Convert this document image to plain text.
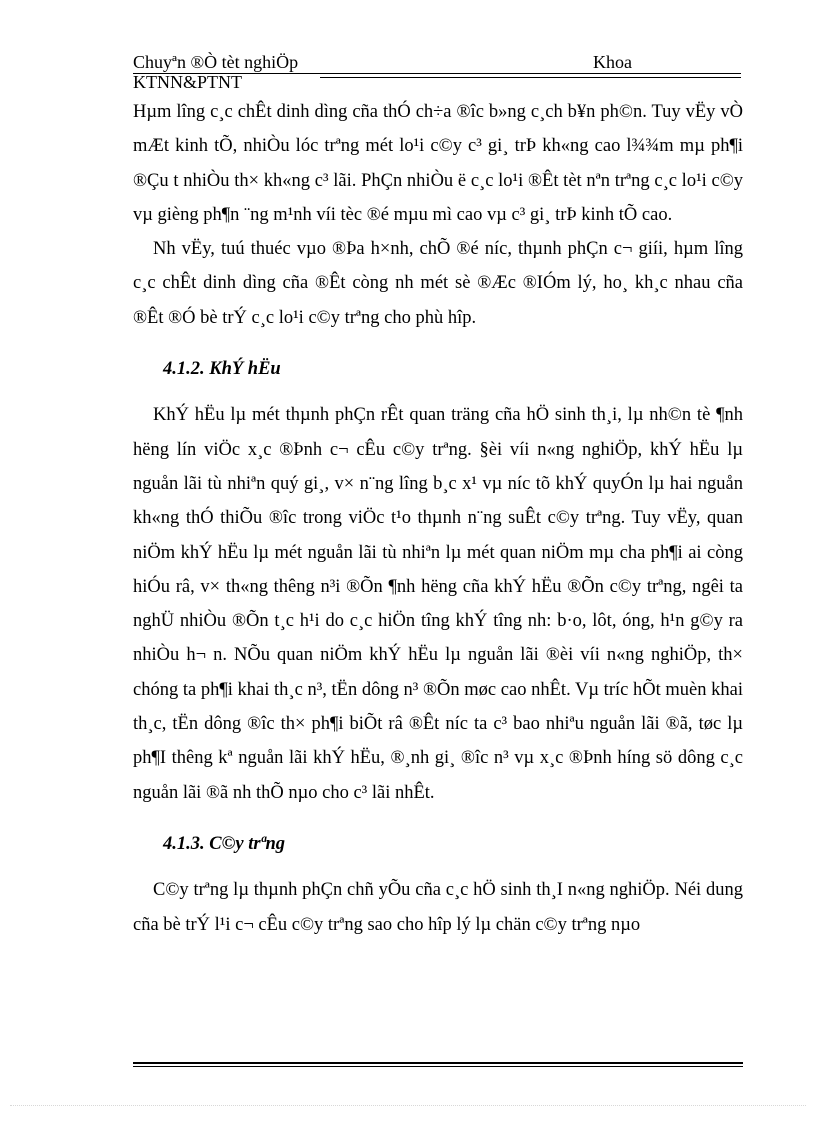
Chuyªn ®Ò tèt nghiÖp	Khoa
KTNN&PTNT

Hµm lîng c¸c chÊt dinh dìng cña thÓ ch÷a ®îc b»ng c¸ch b¥n ph©n. Tuy vËy vÒ mÆt kinh tÕ, nhiÒu lóc trªng mét lo¹i c©y c³ gi¸ trÞ kh«ng cao l¾¾m mµ ph¶i ®Çu t nhiÒu th× kh«ng c³ lãi. PhÇn nhiÒu ë c¸c lo¹i ®Êt tèt nªn trªng c¸c lo¹i c©y vµ gièng ph¶n ¨ng m¹nh víi tèc ®é mµu mì cao vµ c³ gi¸ trÞ kinh tÕ cao.

Nh vËy, tuú thuéc vµo ®Þa h×nh, chÕ ®é níc, thµnh phÇn c¬ giíi, hµm lîng c¸c chÊt dinh dìng cña ®Êt còng nh mét sè ®Æc ®IÓm lý, ho¸ kh¸c nhau cña ®Êt ®Ó bè trÝ c¸c lo¹i c©y trªng cho phù hîp.

4.1.2. KhÝ hËu

KhÝ hËu lµ mét thµnh phÇn rÊt quan träng cña hÖ sinh th¸i, lµ nh©n tè ¶nh hëng lín viÖc x¸c ®Þnh c¬ cÊu c©y trªng. §èi víi n«ng nghiÖp, khÝ hËu lµ nguån lãi tù nhiªn quý gi¸, v× n¨ng lîng b¸c x¹ vµ níc tõ khÝ quyÓn lµ hai nguån kh«ng thÓ thiÕu ®îc trong viÖc t¹o thµnh n¨ng suÊt c©y trªng. Tuy vËy, quan niÖm khÝ hËu lµ mét nguån lãi tù nhiªn lµ mét quan niÖm mµ cha ph¶i ai còng hiÓu râ, v× th«ng thêng n³i ®Õn ¶nh hëng cña khÝ hËu ®Õn c©y trªng, ngêi ta nghÜ nhiÒu ®Õn t¸c h¹i do c¸c hiÖn tîng khÝ tîng nh: b·o, lôt, óng, h¹n g©y ra nhiÒu h¬ n. NÕu quan niÖm khÝ hËu lµ nguån lãi ®èi víi n«ng nghiÖp, th× chóng ta ph¶i khai th¸c n³, tËn dông n³ ®Õn møc cao nhÊt. Vµ tríc hÕt muèn khai th¸c, tËn dông ®îc th× ph¶i biÕt râ ®Êt níc ta c³ bao nhiªu nguån lãi ®ã, tøc lµ ph¶I thêng kª nguån lãi khÝ hËu, ®¸nh gi¸ ®îc n³ vµ x¸c ®Þnh híng sö dông c¸c nguån lãi ®ã nh thÕ nµo cho c³ lãi nhÊt.

4.1.3. C©y trªng

C©y trªng lµ thµnh phÇn chñ yÕu cña c¸c hÖ sinh th¸I n«ng nghiÖp. Néi dung cña bè trÝ l¹i c¬ cÊu c©y trªng sao cho hîp lý lµ chän c©y trªng nµo
